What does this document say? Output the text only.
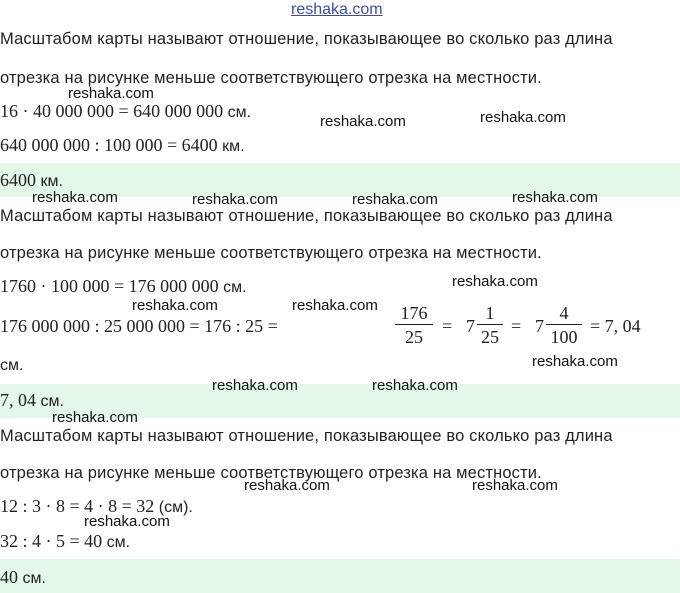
reshaka.com
Масштабом карты называют отношение, показывающее во сколько раз длина
отрезка на рисунке меньше соответствующего отрезка на местности.
16 · 40 000 000 = 640 000 000 см.
640 000 000 : 100 000 = 6400 км.
6400 км.
Масштабом карты называют отношение, показывающее во сколько раз длина
отрезка на рисунке меньше соответствующего отрезка на местности.
1760 · 100 000 = 176 000 000 см.
176 000 000 : 25 000 000 = 176 : 25 =
176
25
= 7
1
25
= 7
4
100
= 7, 04
см.
7, 04 см.
Масштабом карты называют отношение, показывающее во сколько раз длина
отрезка на рисунке меньше соответствующего отрезка на местности.
12 : 3 · 8 = 4 · 8 = 32 (см).
32 : 4 · 5 = 40 см.
40 см.
reshaka.com
reshaka.com	reshaka.com
reshaka.com	reshaka.com	reshaka.com	reshaka.com
reshaka.com
reshaka.com	reshaka.com
reshaka.com
reshaka.com	reshaka.com
reshaka.com
reshaka.com	reshaka.com
reshaka.com
